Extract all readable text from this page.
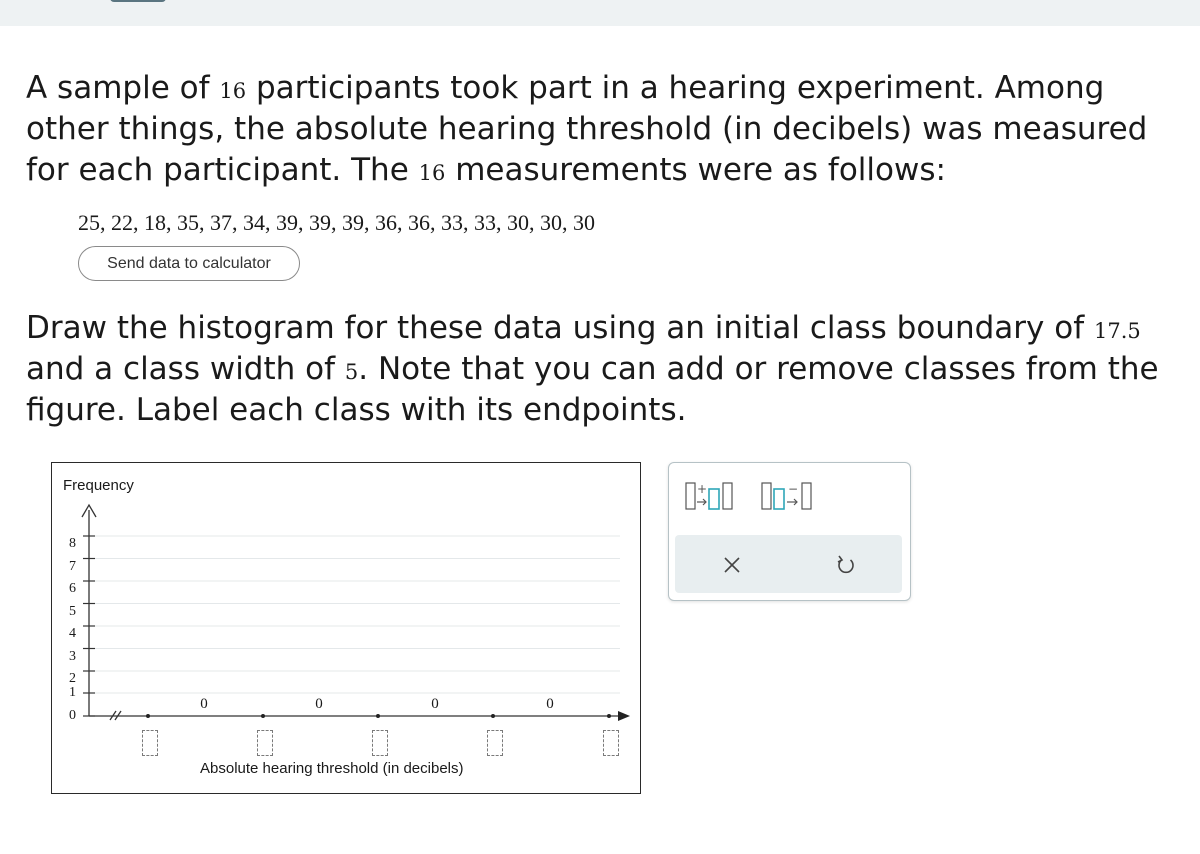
A sample of 16 participants took part in a hearing experiment. Among
other things, the absolute hearing threshold (in decibels) was measured
for each participant. The 16 measurements were as follows:
25, 22, 18, 35, 37, 34, 39, 39, 39, 36, 36, 33, 33, 30, 30, 30
Send data to calculator
Draw the histogram for these data using an initial class boundary of 17.5
and a class width of 5. Note that you can add or remove classes from the
figure. Label each class with its endpoints.
Frequency
8
7
6
5
4
3
2
1
0
0	0	0	0
Absolute hearing threshold (in decibels)
+	−
